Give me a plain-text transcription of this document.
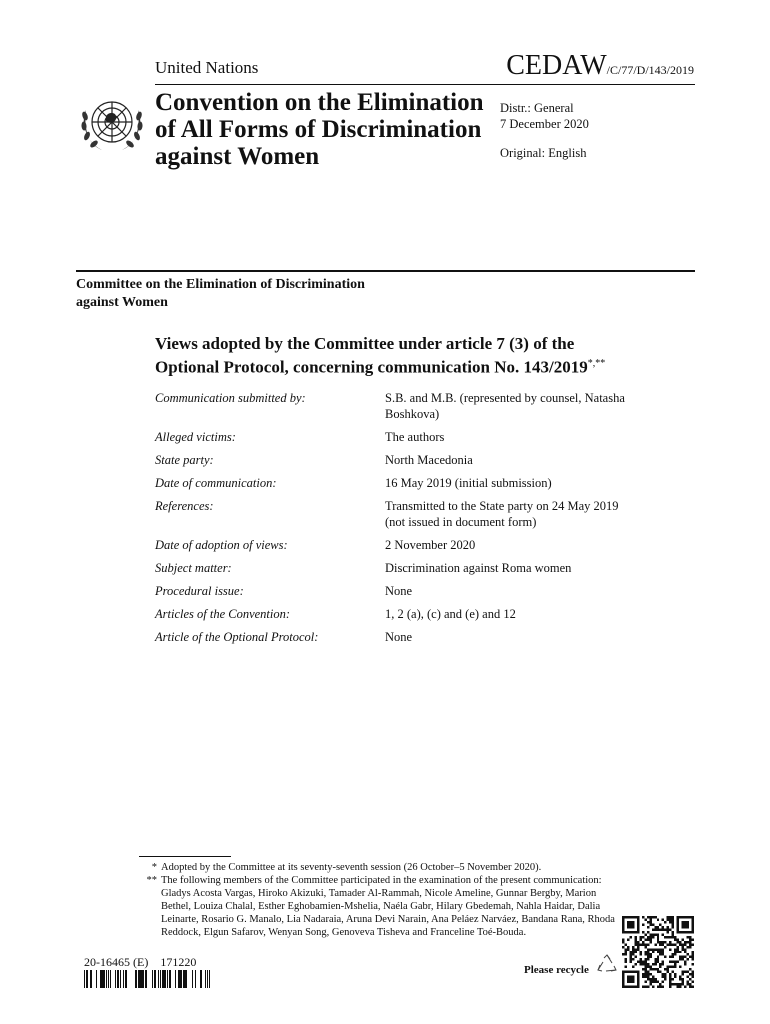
United Nations	CEDAW/C/77/D/143/2019
Convention on the Elimination
of All Forms of Discrimination
against Women
Distr.: General
7 December 2020
Original: English
Committee on the Elimination of Discrimination
against Women
Views adopted by the Committee under article 7 (3) of the
Optional Protocol, concerning communication No. 143/2019*,**
Communication submitted by:	S.B. and M.B. (represented by counsel, Natasha Boshkova)
Alleged victims:	The authors
State party:	North Macedonia
Date of communication:	16 May 2019 (initial submission)
References:	Transmitted to the State party on 24 May 2019 (not issued in document form)
Date of adoption of views:	2 November 2020
Subject matter:	Discrimination against Roma women
Procedural issue:	None
Articles of the Convention:	1, 2 (a), (c) and (e) and 12
Article of the Optional Protocol:	None
* Adopted by the Committee at its seventy-seventh session (26 October–5 November 2020).
** The following members of the Committee participated in the examination of the present communication: Gladys Acosta Vargas, Hiroko Akizuki, Tamader Al-Rammah, Nicole Ameline, Gunnar Bergby, Marion Bethel, Louiza Chalal, Esther Eghobamien-Mshelia, Naéla Gabr, Hilary Gbedemah, Nahla Haidar, Dalia Leinarte, Rosario G. Manalo, Lia Nadaraia, Aruna Devi Narain, Ana Peláez Narváez, Bandana Rana, Rhoda Reddock, Elgun Safarov, Wenyan Song, Genoveva Tisheva and Franceline Toé-Bouda.
20-16465 (E)    171220
Please recycle
